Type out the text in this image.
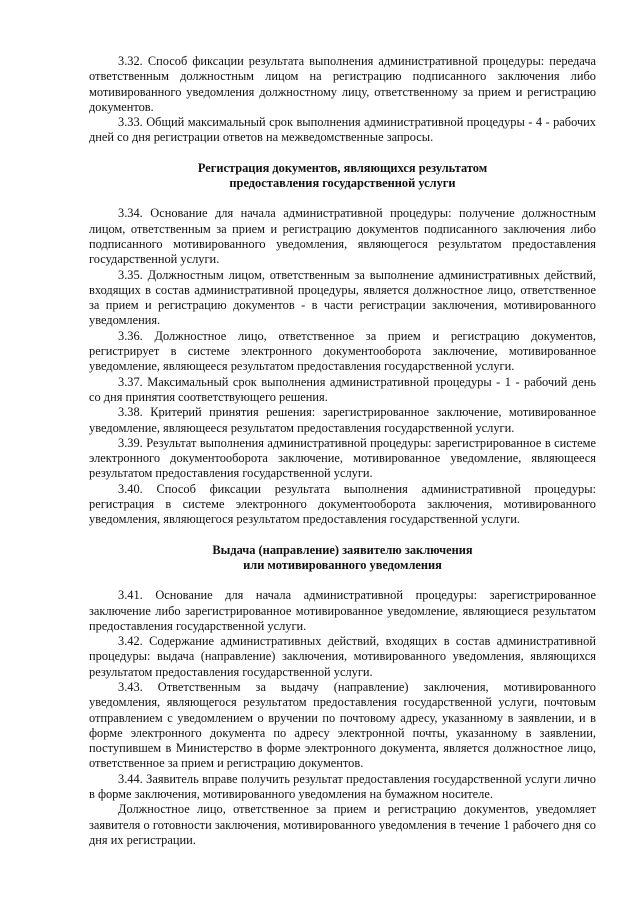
3.32. Способ фиксации результата выполнения административной процедуры: передача ответственным должностным лицом на регистрацию подписанного заключения либо мотивированного уведомления должностному лицу, ответственному за прием и регистрацию документов.

3.33. Общий максимальный срок выполнения административной процедуры - 4 - рабочих дней со дня регистрации ответов на межведомственные запросы.

Регистрация документов, являющихся результатом
предоставления государственной услуги

3.34. Основание для начала административной процедуры: получение должностным лицом, ответственным за прием и регистрацию документов подписанного заключения либо подписанного мотивированного уведомления, являющегося результатом предоставления государственной услуги.

3.35. Должностным лицом, ответственным за выполнение административных действий, входящих в состав административной процедуры, является должностное лицо, ответственное за прием и регистрацию документов - в части регистрации заключения, мотивированного уведомления.

3.36. Должностное лицо, ответственное за прием и регистрацию документов, регистрирует в системе электронного документооборота заключение, мотивированное уведомление, являющееся результатом предоставления государственной услуги.

3.37. Максимальный срок выполнения административной процедуры - 1 - рабочий день со дня принятия соответствующего решения.

3.38. Критерий принятия решения: зарегистрированное заключение, мотивированное уведомление, являющееся результатом предоставления государственной услуги.

3.39. Результат выполнения административной процедуры: зарегистрированное в системе электронного документооборота заключение, мотивированное уведомление, являющееся результатом предоставления государственной услуги.

3.40. Способ фиксации результата выполнения административной процедуры: регистрация в системе электронного документооборота заключения, мотивированного уведомления, являющегося результатом предоставления государственной услуги.

Выдача (направление) заявителю заключения
или мотивированного уведомления

3.41. Основание для начала административной процедуры: зарегистрированное заключение либо зарегистрированное мотивированное уведомление, являющиеся результатом предоставления государственной услуги.

3.42. Содержание административных действий, входящих в состав административной процедуры: выдача (направление) заключения, мотивированного уведомления, являющихся результатом предоставления государственной услуги.

3.43. Ответственным за выдачу (направление) заключения, мотивированного уведомления, являющегося результатом предоставления государственной услуги, почтовым отправлением с уведомлением о вручении по почтовому адресу, указанному в заявлении, и в форме электронного документа по адресу электронной почты, указанному в заявлении, поступившем в Министерство в форме электронного документа, является должностное лицо, ответственное за прием и регистрацию документов.

3.44. Заявитель вправе получить результат предоставления государственной услуги лично в форме заключения, мотивированного уведомления на бумажном носителе.

Должностное лицо, ответственное за прием и регистрацию документов, уведомляет заявителя о готовности заключения, мотивированного уведомления в течение 1 рабочего дня со дня их регистрации.
